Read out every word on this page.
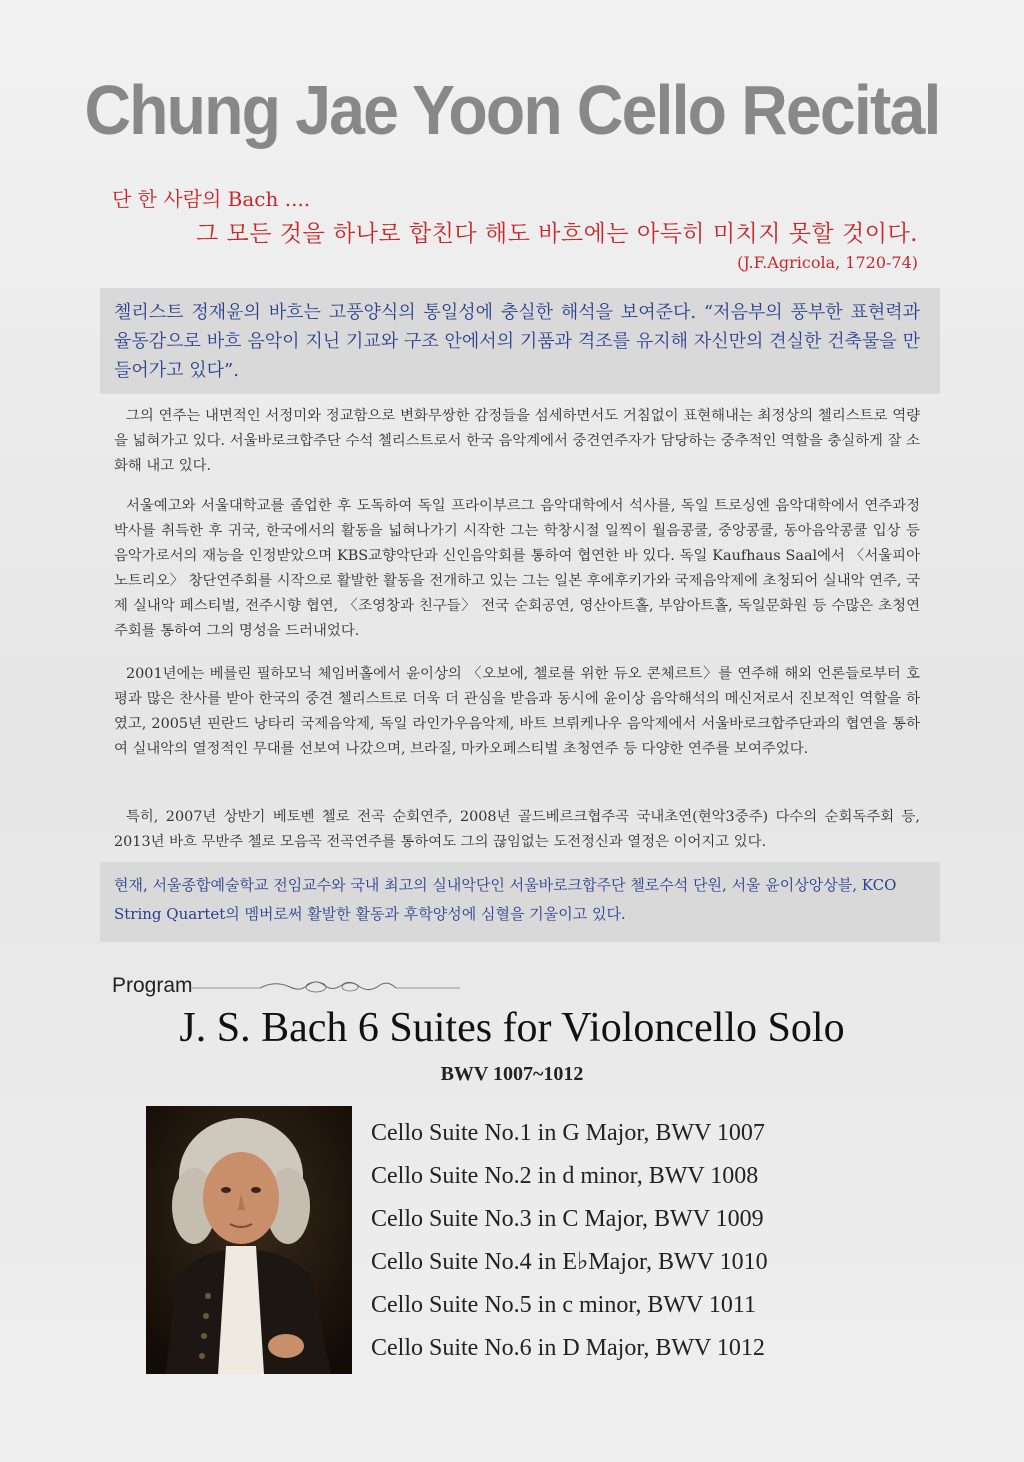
Chung Jae Yoon Cello Recital
단 한 사람의 Bach ....
그 모든 것을 하나로 합친다 해도 바흐에는 아득히 미치지 못할 것이다.
(J.F.Agricola, 1720-74)
첼리스트 정재윤의 바흐는 고풍양식의 통일성에 충실한 해석을 보여준다. “저음부의 풍부한 표현력과 율동감으로 바흐 음악이 지닌 기교와 구조 안에서의 기품과 격조를 유지해 자신만의 견실한 건축물을 만들어가고 있다”.

그의 연주는 내면적인 서정미와 정교함으로 변화무쌍한 감정들을 섬세하면서도 거침없이 표현해내는 최정상의 첼리스트로 역량을 넓혀가고 있다. 서울바로크합주단 수석 첼리스트로서 한국 음악계에서 중견연주자가 담당하는 중추적인 역할을 충실하게 잘 소화해 내고 있다.

서울예고와 서울대학교를 졸업한 후 도독하여 독일 프라이부르그 음악대학에서 석사를, 독일 트로싱엔 음악대학에서 연주과정 박사를 취득한 후 귀국, 한국에서의 활동을 넓혀나가기 시작한 그는 학창시절 일찍이 월음콩쿨, 중앙콩쿨, 동아음악콩쿨 입상 등 음악가로서의 재능을 인정받았으며 KBS교향악단과 신인음악회를 통하여 협연한 바 있다. 독일 Kaufhaus Saal에서 〈서울피아노트리오〉 창단연주회를 시작으로 활발한 활동을 전개하고 있는 그는 일본 후에후키가와 국제음악제에 초청되어 실내악 연주, 국제 실내악 페스티벌, 전주시향 협연, 〈조영창과 친구들〉 전국 순회공연, 영산아트홀, 부암아트홀, 독일문화원 등 수많은 초청연주회를 통하여 그의 명성을 드러내었다.

2001년에는 베를린 필하모닉 체임버홀에서 윤이상의 〈오보에, 첼로를 위한 듀오 콘체르트〉를 연주해 해외 언론들로부터 호평과 많은 찬사를 받아 한국의 중견 첼리스트로 더욱 더 관심을 받음과 동시에 윤이상 음악해석의 메신저로서 진보적인 역할을 하였고, 2005년 핀란드 낭타리 국제음악제, 독일 라인가우음악제, 바트 브뤼케나우 음악제에서 서울바로크합주단과의 협연을 통하여 실내악의 열정적인 무대를 선보여 나갔으며, 브라질, 마카오페스티벌 초청연주 등 다양한 연주를 보여주었다.

특히, 2007년 상반기 베토벤 첼로 전곡 순회연주, 2008년 골드베르크협주곡 국내초연(현악3중주) 다수의 순회독주회 등, 2013년 바흐 무반주 첼로 모음곡 전곡연주를 통하여도 그의 끊임없는 도전정신과 열정은 이어지고 있다.

현재, 서울종합예술학교 전임교수와 국내 최고의 실내악단인 서울바로크합주단 첼로수석 단원, 서울 윤이상앙상블, KCO String Quartet의 멤버로써 활발한 활동과 후학양성에 심혈을 기울이고 있다.
Program
J. S. Bach 6 Suites for Violoncello Solo
BWV 1007~1012
Cello Suite No.1 in G Major, BWV 1007
Cello Suite No.2 in d minor, BWV 1008
Cello Suite No.3 in C Major, BWV 1009
Cello Suite No.4 in E♭Major, BWV 1010
Cello Suite No.5 in c minor, BWV 1011
Cello Suite No.6 in D Major, BWV 1012
